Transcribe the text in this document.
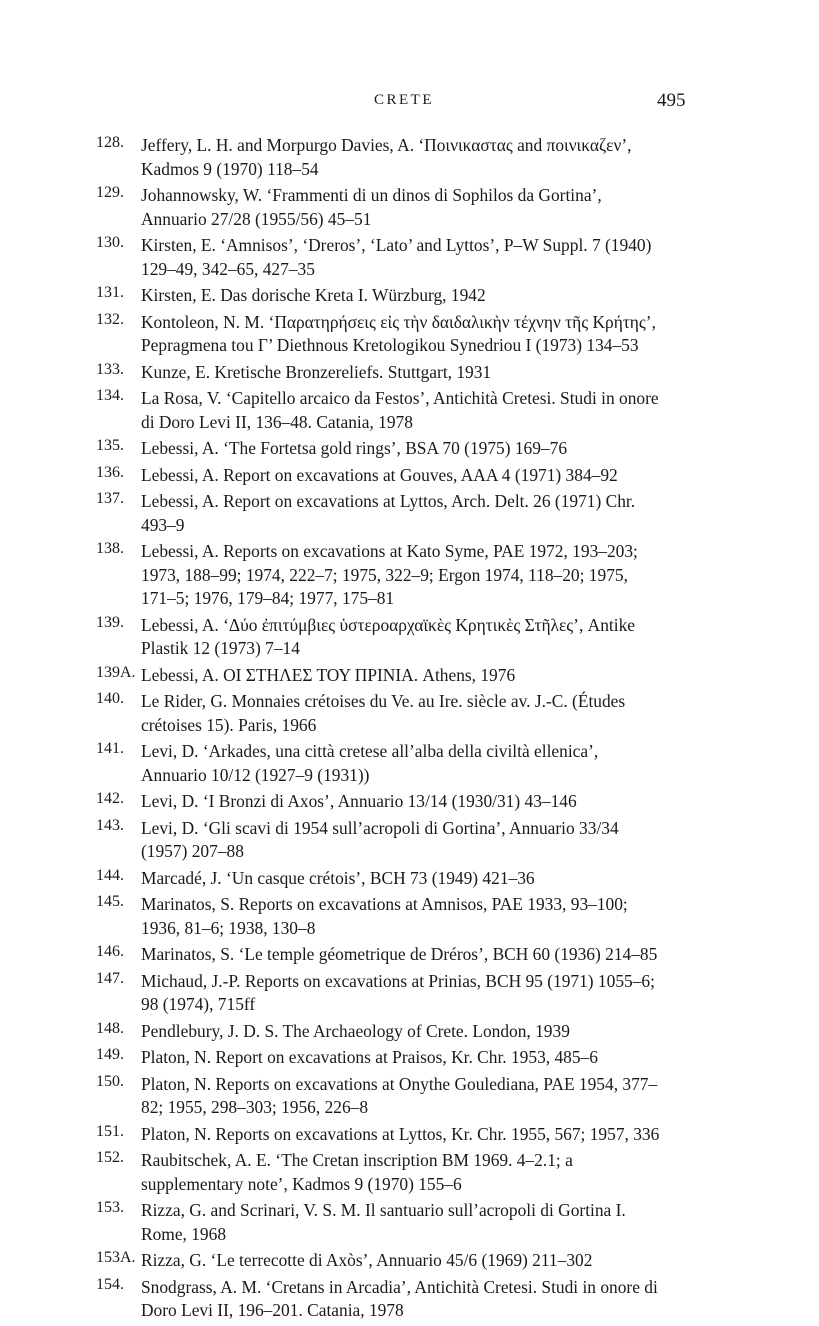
CRETE	495
128. Jeffery, L. H. and Morpurgo Davies, A. ‘Ποινικαστας and ποινικαζεν’, Kadmos 9 (1970) 118–54
129. Johannowsky, W. ‘Frammenti di un dinos di Sophilos da Gortina’, Annuario 27/28 (1955/56) 45–51
130. Kirsten, E. ‘Amnisos’, ‘Dreros’, ‘Lato’ and Lyttos’, P–W Suppl. 7 (1940) 129–49, 342–65, 427–35
131. Kirsten, E. Das dorische Kreta I. Würzburg, 1942
132. Kontoleon, N. M. ‘Παρατηρήσεις εἰς τὴν δαιδαλικὴν τέχνην τῆς Κρήτης’, Pepragmena tou Γ’ Diethnous Kretologikou Synedriou I (1973) 134–53
133. Kunze, E. Kretische Bronzereliefs. Stuttgart, 1931
134. La Rosa, V. ‘Capitello arcaico da Festos’, Antichità Cretesi. Studi in onore di Doro Levi II, 136–48. Catania, 1978
135. Lebessi, A. ‘The Fortetsa gold rings’, BSA 70 (1975) 169–76
136. Lebessi, A. Report on excavations at Gouves, AAA 4 (1971) 384–92
137. Lebessi, A. Report on excavations at Lyttos, Arch. Delt. 26 (1971) Chr. 493–9
138. Lebessi, A. Reports on excavations at Kato Syme, PAE 1972, 193–203; 1973, 188–99; 1974, 222–7; 1975, 322–9; Ergon 1974, 118–20; 1975, 171–5; 1976, 179–84; 1977, 175–81
139. Lebessi, A. ‘Δύο ἐπιτύμβιες ὑστεροαρχαϊκὲς Κρητικὲς Στῆλες’, Antike Plastik 12 (1973) 7–14
139A. Lebessi, A. ΟΙ ΣΤΗΛΕΣ ΤΟΥ ΠΡΙΝΙΑ. Athens, 1976
140. Le Rider, G. Monnaies crétoises du Ve. au Ire. siècle av. J.-C. (Études crétoises 15). Paris, 1966
141. Levi, D. ‘Arkades, una città cretese all’alba della civiltà ellenica’, Annuario 10/12 (1927–9 (1931))
142. Levi, D. ‘I Bronzi di Axos’, Annuario 13/14 (1930/31) 43–146
143. Levi, D. ‘Gli scavi di 1954 sull’acropoli di Gortina’, Annuario 33/34 (1957) 207–88
144. Marcadé, J. ‘Un casque crétois’, BCH 73 (1949) 421–36
145. Marinatos, S. Reports on excavations at Amnisos, PAE 1933, 93–100; 1936, 81–6; 1938, 130–8
146. Marinatos, S. ‘Le temple géometrique de Dréros’, BCH 60 (1936) 214–85
147. Michaud, J.-P. Reports on excavations at Prinias, BCH 95 (1971) 1055–6; 98 (1974), 715ff
148. Pendlebury, J. D. S. The Archaeology of Crete. London, 1939
149. Platon, N. Report on excavations at Praisos, Kr. Chr. 1953, 485–6
150. Platon, N. Reports on excavations at Onythe Goulediana, PAE 1954, 377–82; 1955, 298–303; 1956, 226–8
151. Platon, N. Reports on excavations at Lyttos, Kr. Chr. 1955, 567; 1957, 336
152. Raubitschek, A. E. ‘The Cretan inscription BM 1969. 4–2.1; a supplementary note’, Kadmos 9 (1970) 155–6
153. Rizza, G. and Scrinari, V. S. M. Il santuario sull’acropoli di Gortina I. Rome, 1968
153A. Rizza, G. ‘Le terrecotte di Axòs’, Annuario 45/6 (1969) 211–302
154. Snodgrass, A. M. ‘Cretans in Arcadia’, Antichità Cretesi. Studi in onore di Doro Levi II, 196–201. Catania, 1978
